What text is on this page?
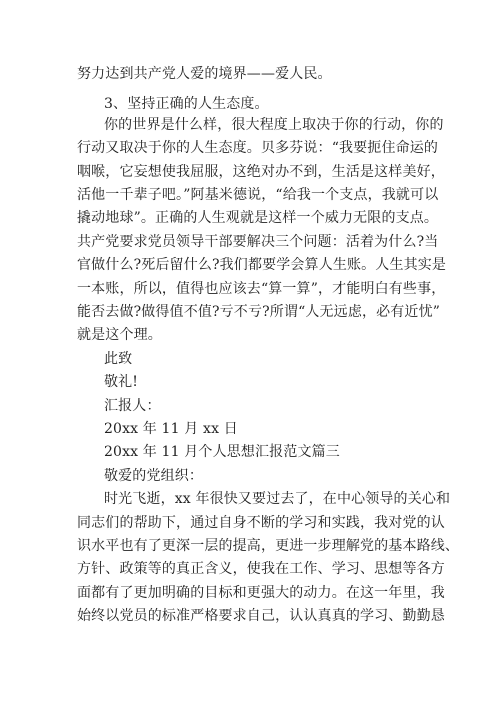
努力达到共产党人爱的境界——爱人民。
3、坚持正确的人生态度。
你的世界是什么样，很大程度上取决于你的行动，你的
行动又取决于你的人生态度。贝多芬说：“我要扼住命运的
咽喉，它妄想使我屈服，这绝对办不到，生活是这样美好，
活他一千辈子吧。”阿基米德说，“给我一个支点，我就可以
撬动地球”。正确的人生观就是这样一个威力无限的支点。
共产党要求党员领导干部要解决三个问题：活着为什么?当
官做什么?死后留什么?我们都要学会算人生账。人生其实是
一本账，所以，值得也应该去“算一算”，才能明白有些事，
能否去做?做得值不值?亏不亏?所谓“人无远虑，必有近忧”
就是这个理。
此致
敬礼!
汇报人：
20xx 年 11 月 xx 日
20xx 年 11 月个人思想汇报范文篇三
敬爱的党组织：
时光飞逝，xx 年很快又要过去了，在中心领导的关心和
同志们的帮助下，通过自身不断的学习和实践，我对党的认
识水平也有了更深一层的提高，更进一步理解党的基本路线、
方针、政策等的真正含义，使我在工作、学习、思想等各方
面都有了更加明确的目标和更强大的动力。在这一年里，我
始终以党员的标准严格要求自己，认认真真的学习、勤勤恳
